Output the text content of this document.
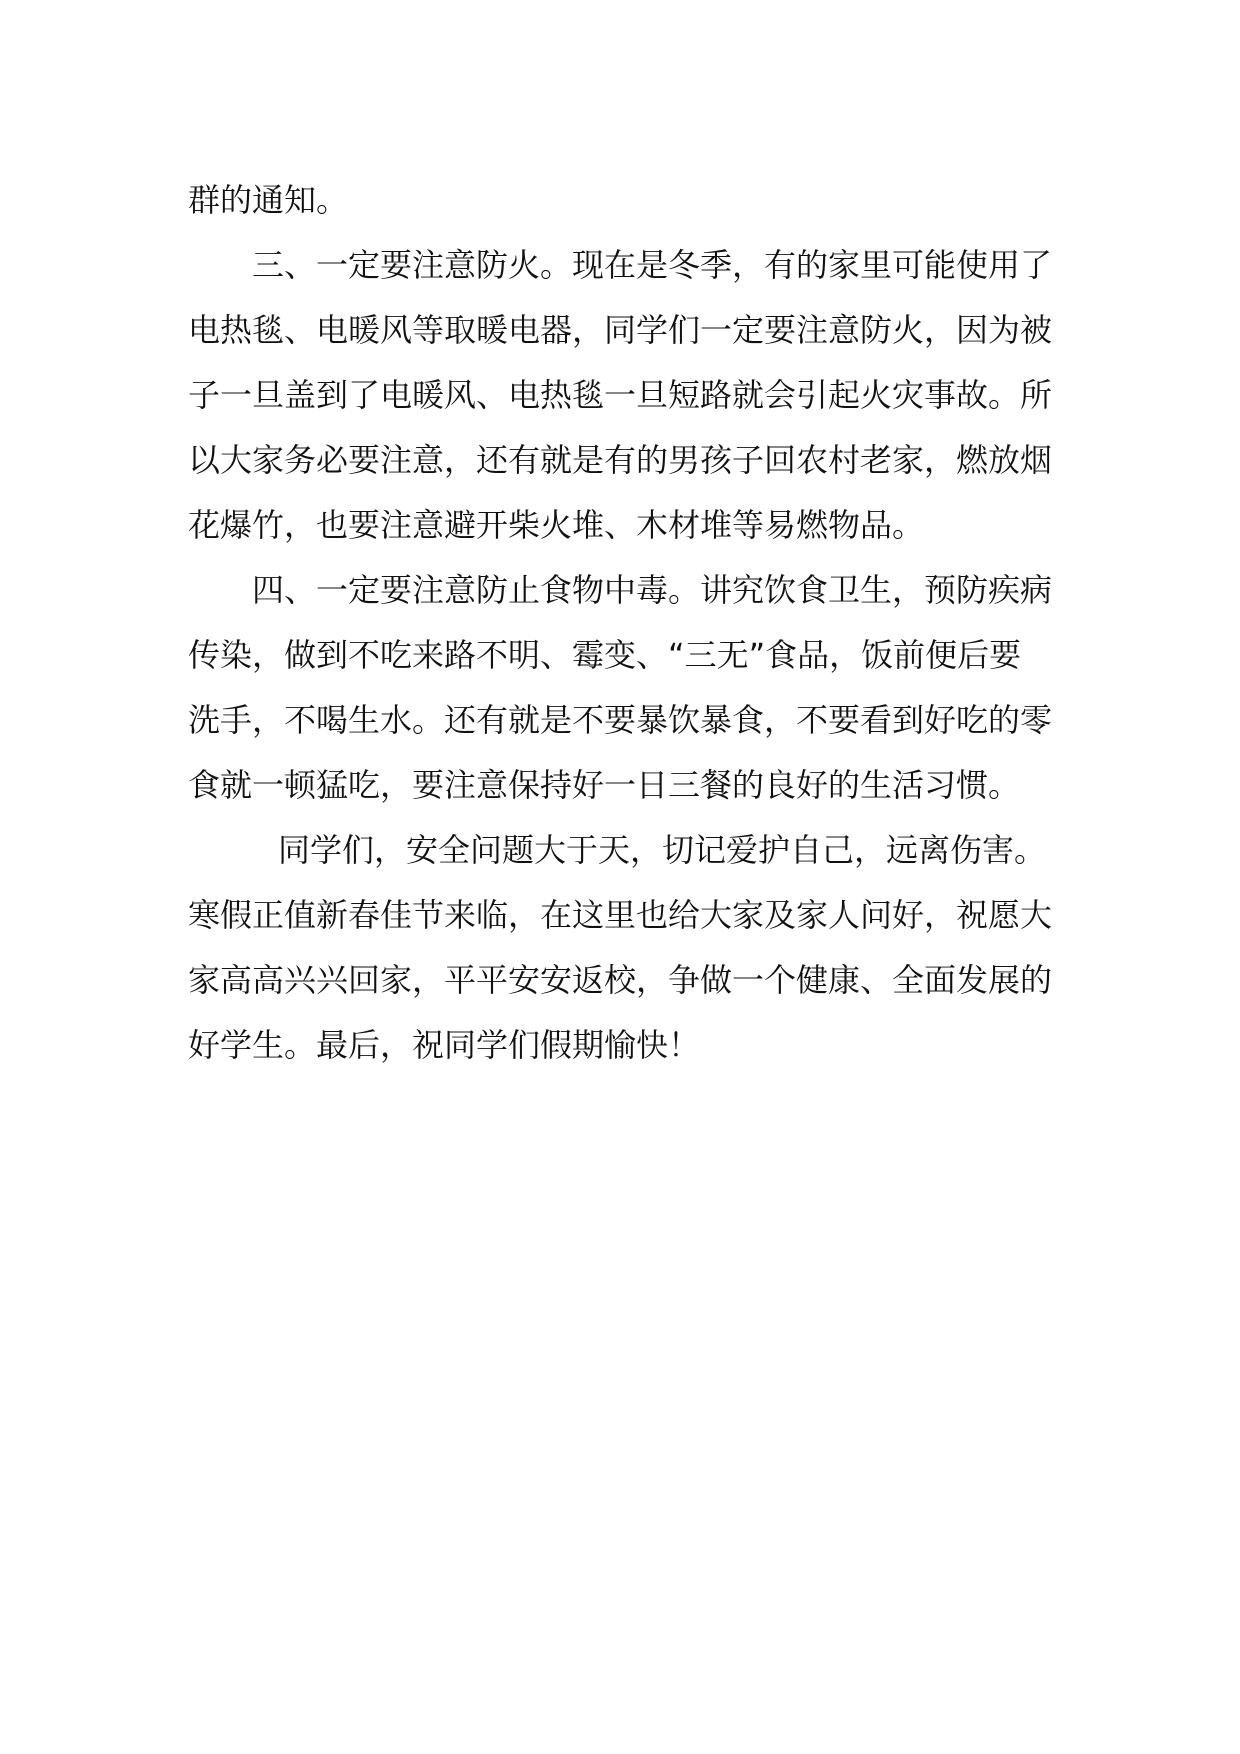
群的通知。
三、一定要注意防火。现在是冬季，有的家里可能使用了
电热毯、电暖风等取暖电器，同学们一定要注意防火，因为被
子一旦盖到了电暖风、电热毯一旦短路就会引起火灾事故。所
以大家务必要注意，还有就是有的男孩子回农村老家，燃放烟
花爆竹，也要注意避开柴火堆、木材堆等易燃物品。
四、一定要注意防止食物中毒。讲究饮食卫生，预防疾病
传染，做到不吃来路不明、霉变、“三无”食品，饭前便后要
洗手，不喝生水。还有就是不要暴饮暴食，不要看到好吃的零
食就一顿猛吃，要注意保持好一日三餐的良好的生活习惯。
同学们，安全问题大于天，切记爱护自己，远离伤害。
寒假正值新春佳节来临，在这里也给大家及家人问好，祝愿大
家高高兴兴回家，平平安安返校，争做一个健康、全面发展的
好学生。最后，祝同学们假期愉快！
